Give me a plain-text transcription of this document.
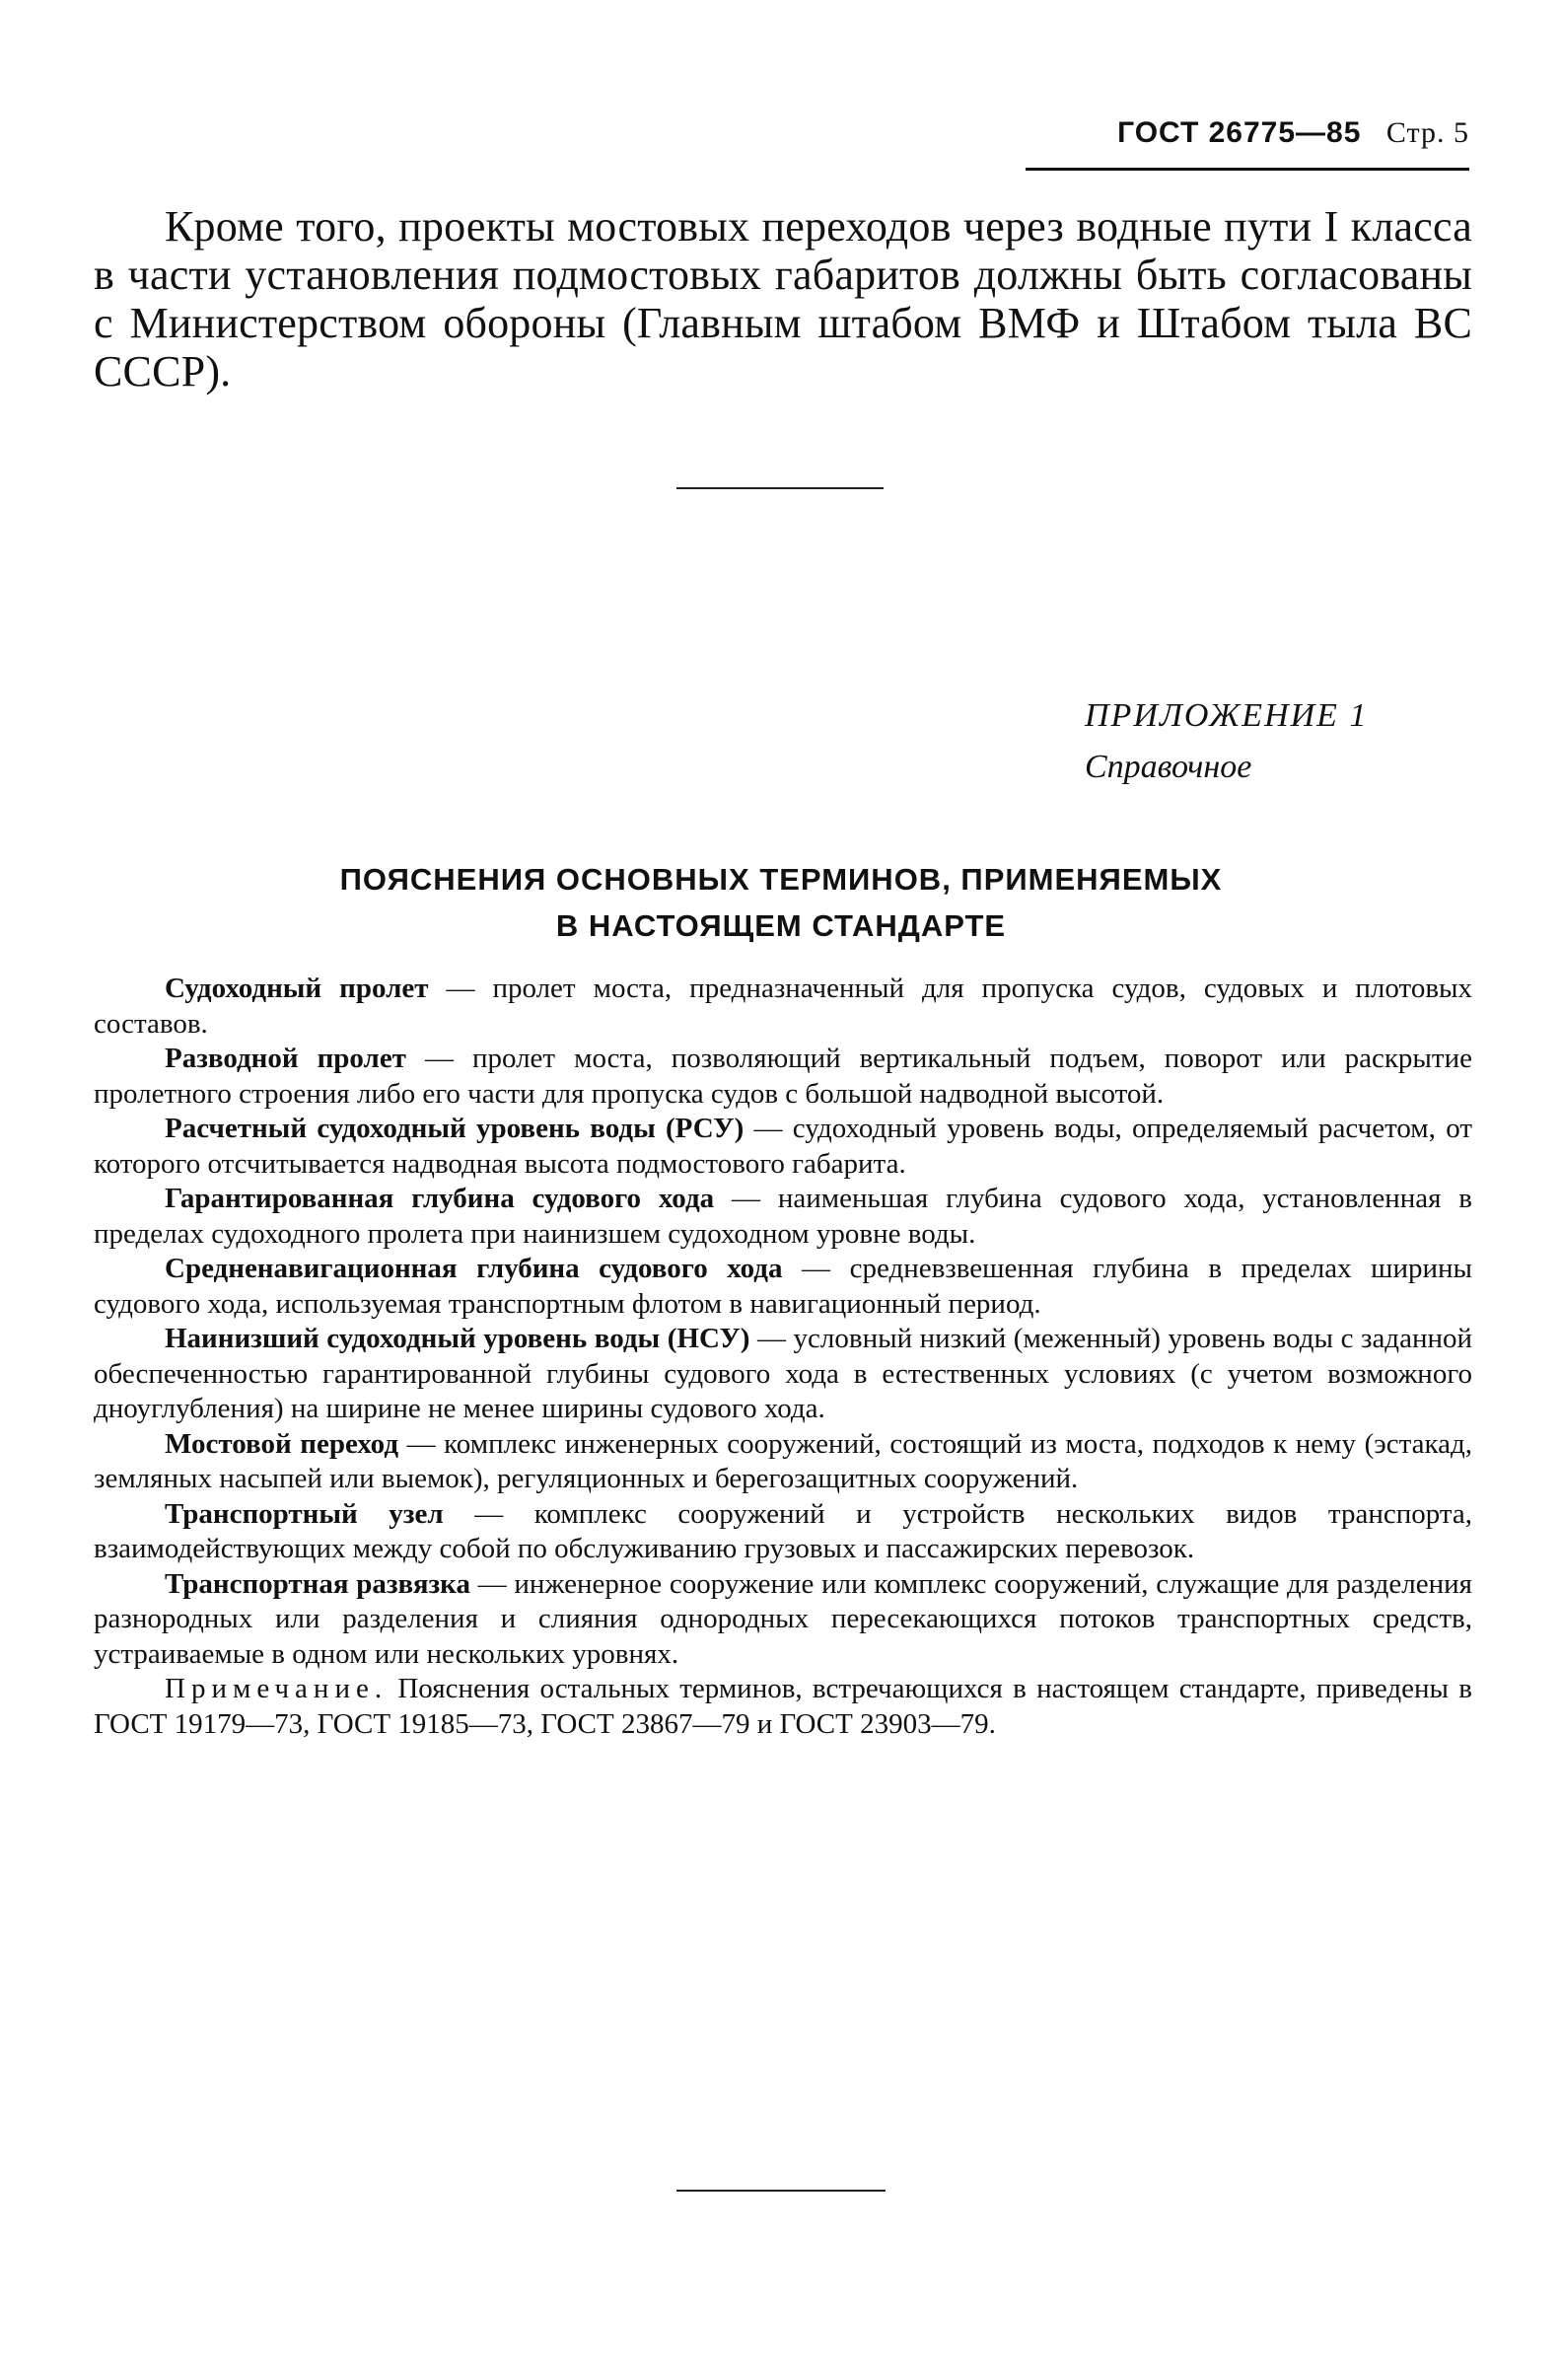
ГОСТ 26775—85 Стр. 5

Кроме того, проекты мостовых переходов через водные пути I класса в части установления подмостовых габаритов должны быть согласованы с Министерством обороны (Главным штабом ВМФ и Штабом тыла ВС СССР).

ПРИЛОЖЕНИЕ 1
Справочное
ПОЯСНЕНИЯ ОСНОВНЫХ ТЕРМИНОВ, ПРИМЕНЯЕМЫХ
В НАСТОЯЩЕМ СТАНДАРТЕ

Судоходный пролет — пролет моста, предназначенный для пропуска судов, судовых и плотовых составов.

Разводной пролет — пролет моста, позволяющий вертикальный подъем, поворот или раскрытие пролетного строения либо его части для пропуска судов с большой надводной высотой.

Расчетный судоходный уровень воды (РСУ) — судоходный уровень воды, определяемый расчетом, от которого отсчитывается надводная высота подмостового габарита.

Гарантированная глубина судового хода — наименьшая глубина судового хода, установленная в пределах судоходного пролета при наинизшем судоходном уровне воды.

Средненавигационная глубина судового хода — средневзвешенная глубина в пределах ширины судового хода, используемая транспортным флотом в навигационный период.

Наинизший судоходный уровень воды (НСУ) — условный низкий (меженный) уровень воды с заданной обеспеченностью гарантированной глубины судового хода в естественных условиях (с учетом возможного дноуглубления) на ширине не менее ширины судового хода.

Мостовой переход — комплекс инженерных сооружений, состоящий из моста, подходов к нему (эстакад, земляных насыпей или выемок), регуляционных и берегозащитных сооружений.

Транспортный узел — комплекс сооружений и устройств нескольких видов транспорта, взаимодействующих между собой по обслуживанию грузовых и пассажирских перевозок.

Транспортная развязка — инженерное сооружение или комплекс сооружений, служащие для разделения разнородных или разделения и слияния однородных пересекающихся потоков транспортных средств, устраиваемые в одном или нескольких уровнях.

Примечание. Пояснения остальных терминов, встречающихся в настоящем стандарте, приведены в ГОСТ 19179—73, ГОСТ 19185—73, ГОСТ 23867—79 и ГОСТ 23903—79.
